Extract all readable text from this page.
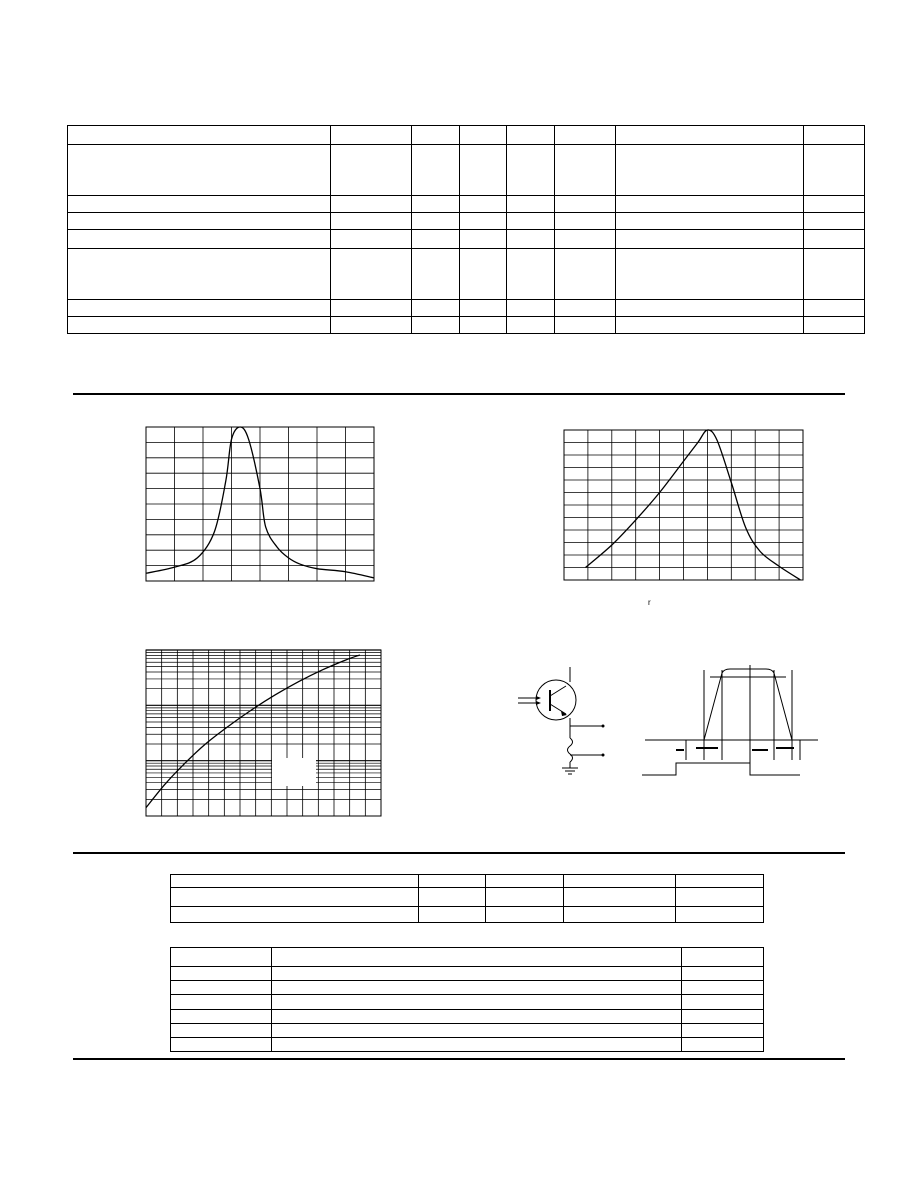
r
